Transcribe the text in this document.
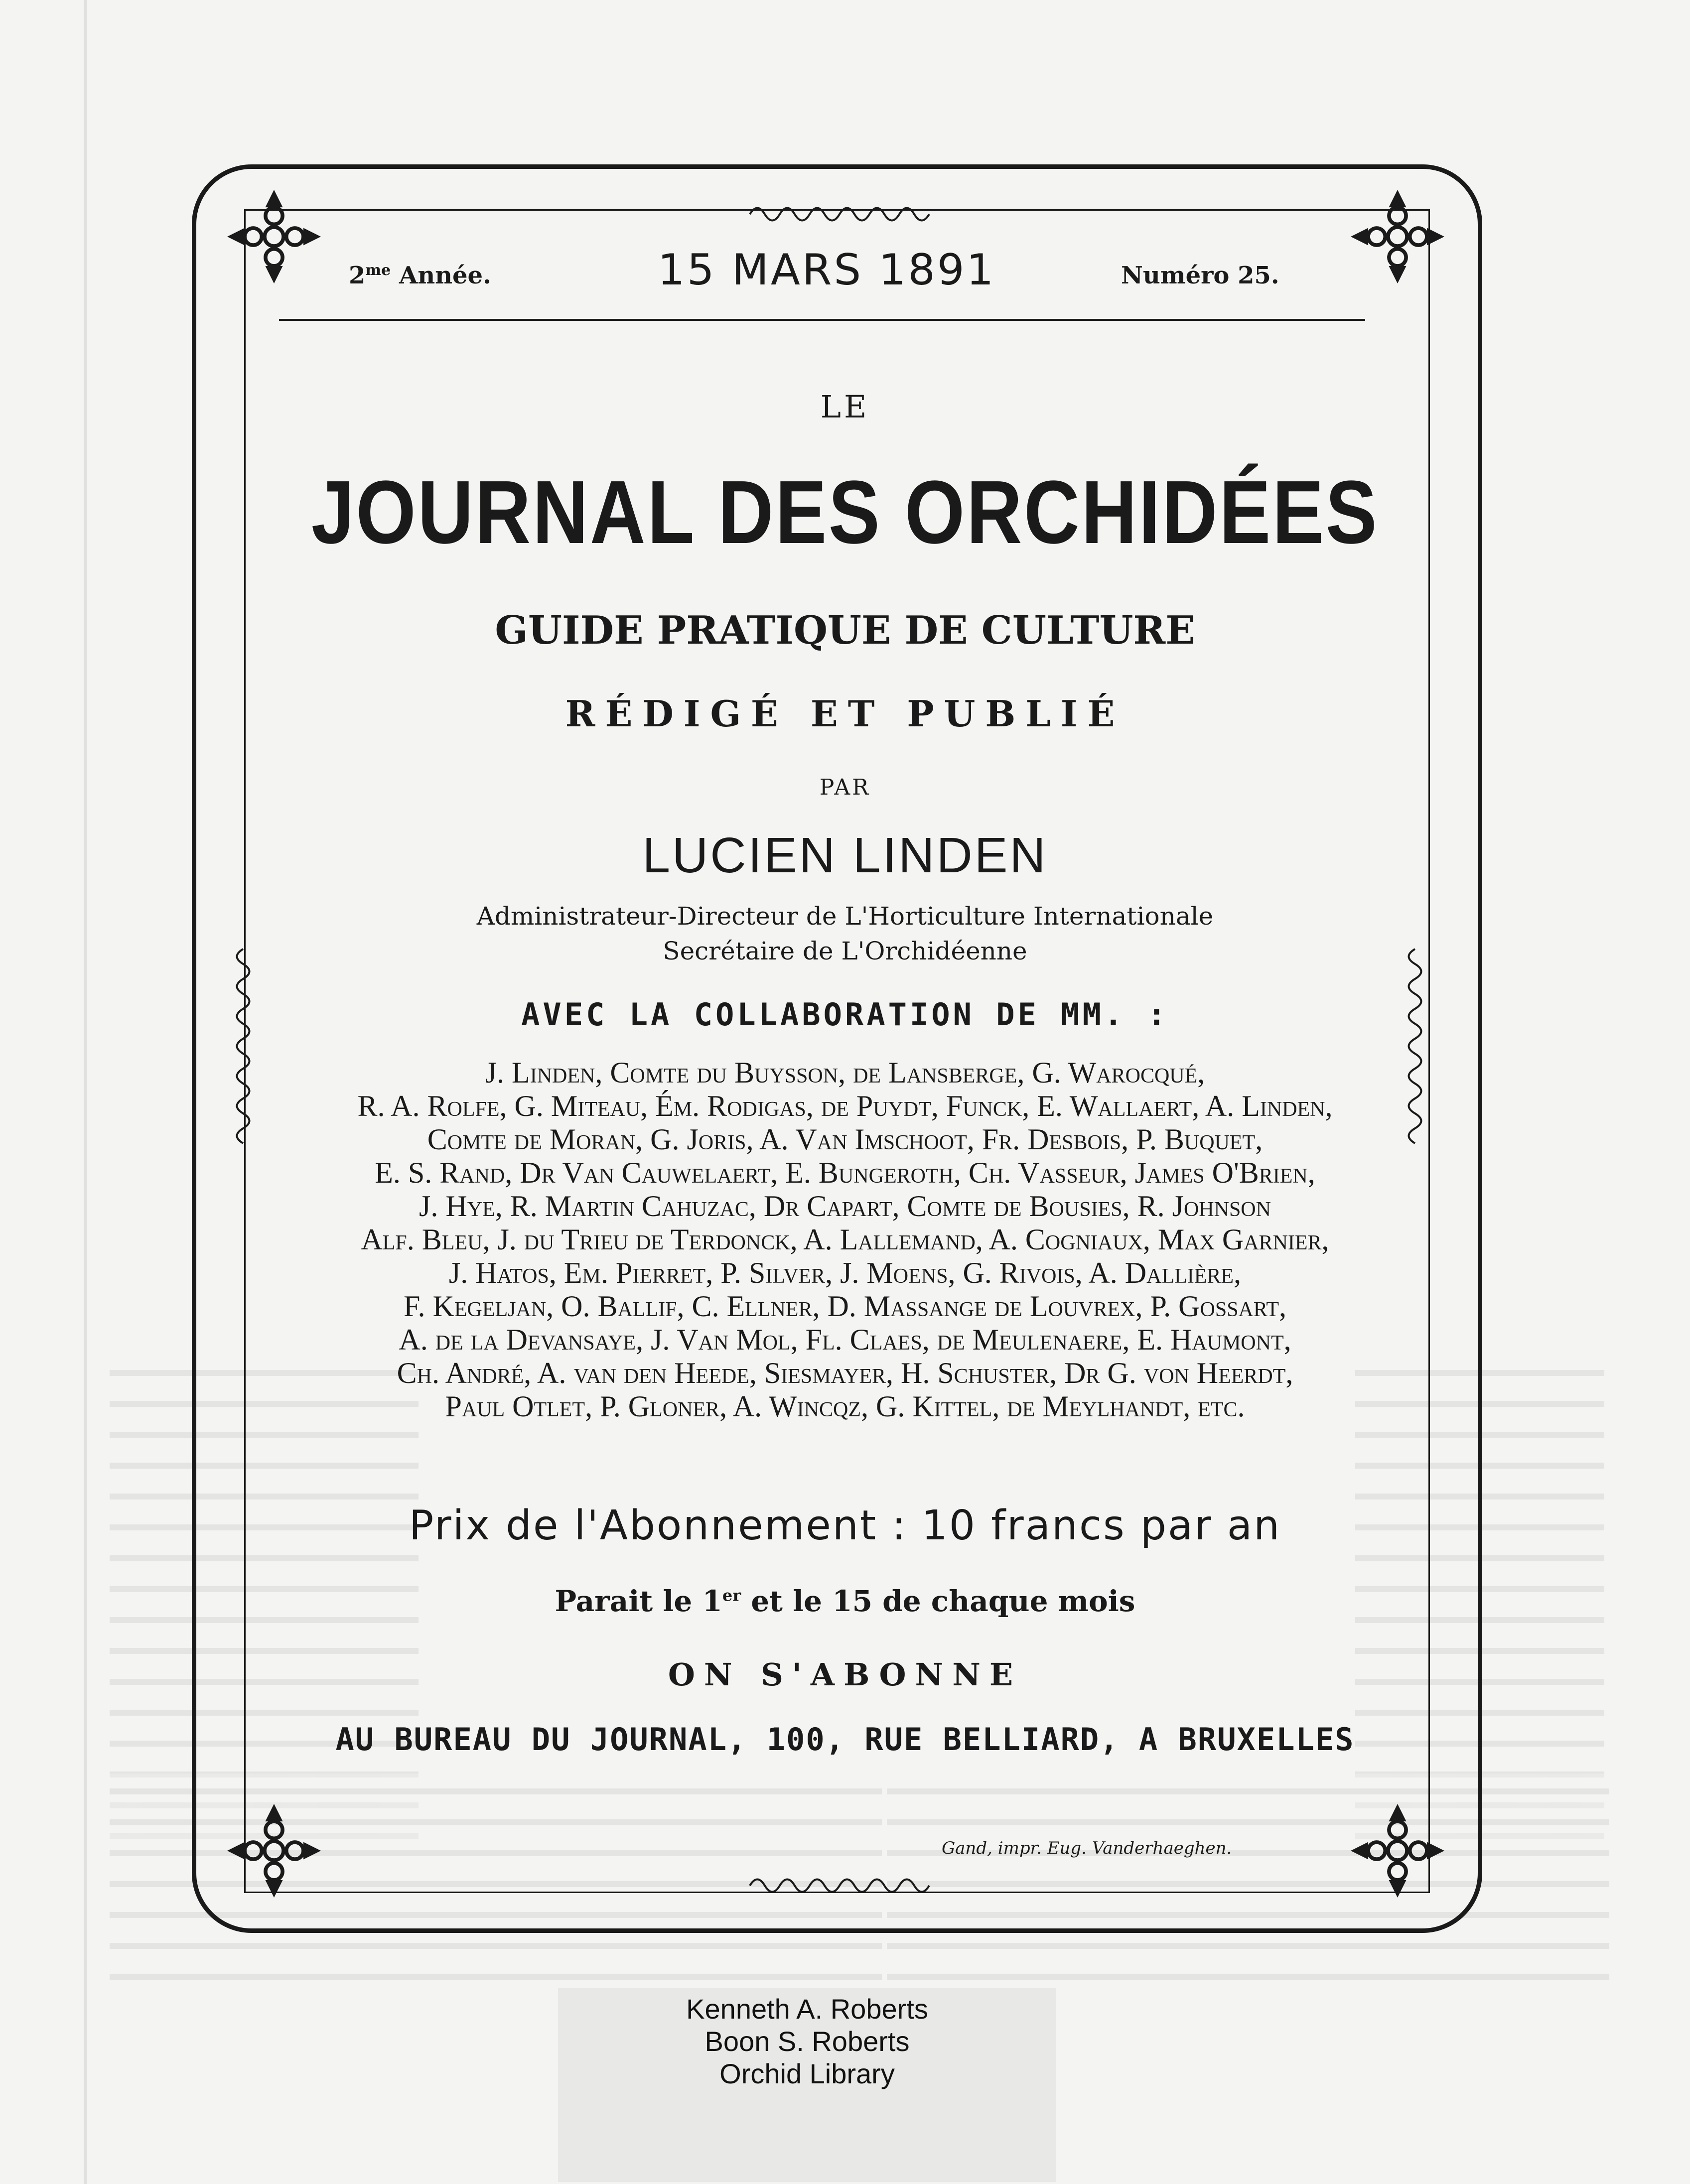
$2^{me}$ Année.	15 MARS 1891	Numéro 25.
LE
JOURNAL DES ORCHIDÉES
GUIDE PRATIQUE DE CULTURE
RÉDIGÉ ET PUBLIÉ
PAR
LUCIEN LINDEN
Administrateur-Directeur de L'Horticulture Internationale
Secrétaire de L'Orchidéenne
AVEC LA COLLABORATION DE MM. :
J. Linden, Comte du Buysson, de Lansberge, G. Warocqué,
R. A. Rolfe, G. Miteau, Ém. Rodigas, de Puydt, Funck, E. Wallaert, A. Linden,
Comte de Moran, G. Joris, A. Van Imschoot, Fr. Desbois, P. Buquet,
E. S. Rand, Dr Van Cauwelaert, E. Bungeroth, Ch. Vasseur, James O'Brien,
J. Hye, R. Martin Cahuzac, Dr Capart, Comte de Bousies, R. Johnson
Alf. Bleu, J. du Trieu de Terdonck, A. Lallemand, A. Cogniaux, Max Garnier,
J. Hatos, Em. Pierret, P. Silver, J. Moens, G. Rivois, A. Dallière,
F. Kegeljan, O. Ballif, C. Ellner, D. Massange de Louvrex, P. Gossart,
A. de la Devansaye, J. Van Mol, Fl. Claes, de Meulenaere, E. Haumont,
Ch. André, A. van den Heede, Siesmayer, H. Schuster, Dr G. von Heerdt,
Paul Otlet, P. Gloner, A. Wincqz, G. Kittel, de Meylhandt, etc.
Prix de l'Abonnement : 10 francs par an
Parait le 1er et le 15 de chaque mois
ON S'ABONNE
AU BUREAU DU JOURNAL, 100, RUE BELLIARD, A BRUXELLES
Gand, impr. Eug. Vanderhaeghen.
Kenneth A. Roberts
Boon S. Roberts
Orchid Library
